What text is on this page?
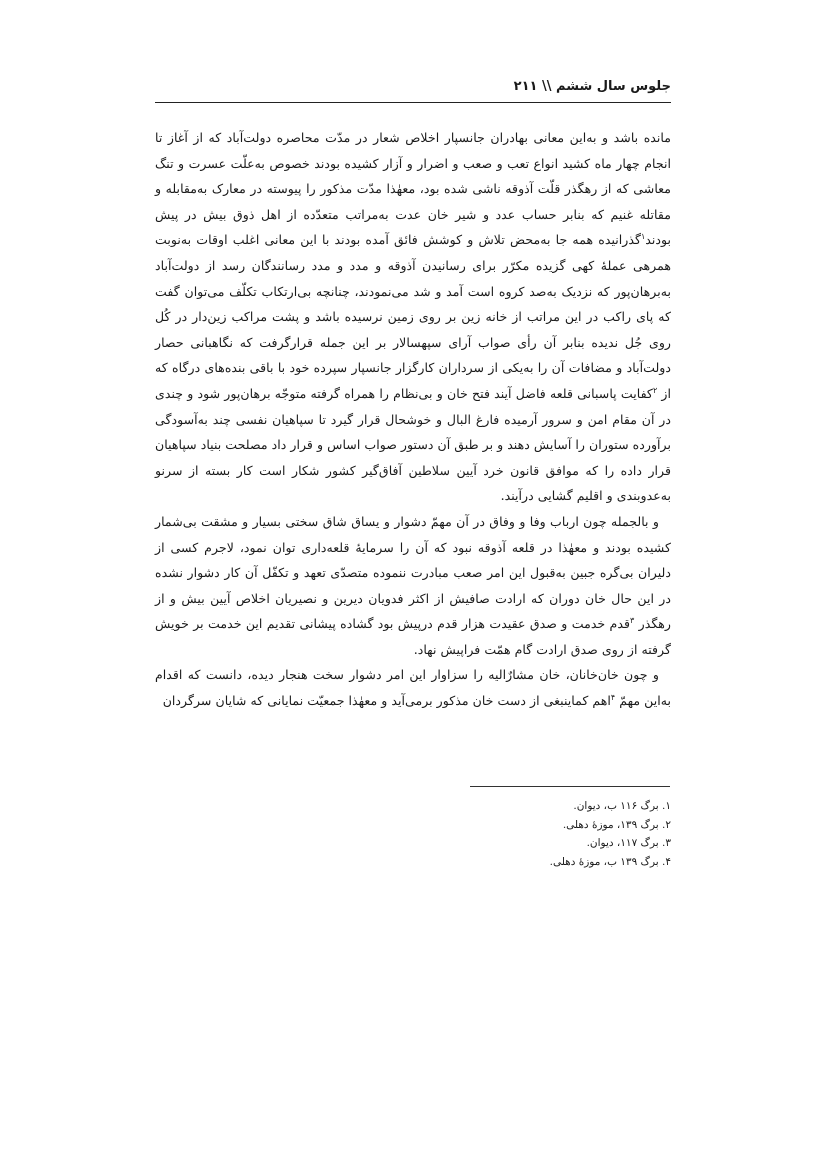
جلوس سال ششم \\ ۲۱۱

مانده باشد و به‌این معانی بهادران جانسپار اخلاص شعار در مدّت محاصره دولت‌آباد که از آغاز تا انجام چهار ماه کشید انواع تعب و صعب و اضرار و آزار کشیده بودند خصوص به‌علّت عسرت و تنگ معاشی که از رهگذر قلّت آذوقه ناشی شده بود، معهٰذا مدّت مذکور را پیوسته در معارک به‌مقابله و مقاتله غنیم که بنابر حساب عدد و شیر خان عدت به‌مراتب متعدّده از اهل ذوق بیش در پیش بودند$^۱$گذرانیده همه جا به‌محض تلاش و کوشش فائق آمده بودند با این معانی اغلب اوقات به‌نوبت همرهی عملهٔ کهی گزیده مکرّر برای رسانیدن آذوقه و مدد و مدد رسانندگان رسد از دولت‌آباد به‌برهان‌پور که نزدیک به‌صد کروه است آمد و شد می‌نمودند، چنانچه بی‌ارتکاب تکلّف می‌توان گفت که پای راکب در این مراتب از خانه زین بر روی زمین نرسیده باشد و پشت مراکب زین‌دار در کُل روی جُل ندیده بنابر آن رأی صواب آرای سپهسالار بر این جمله قرارگرفت که نگاهبانی حصار دولت‌آباد و مضافات آن را به‌یکی از سرداران کارگزار جانسپار سپرده خود با باقی بنده‌های درگاه که از $^۲$کفایت پاسبانی قلعه فاضل آیند فتح خان و بی‌نظام را همراه گرفته متوجّه برهان‌پور شود و چندی در آن مقام امن و سرور آرمیده فارغ البال و خوشحال قرار گیرد تا سپاهیان نفسی چند به‌آسودگی برآورده ستوران را آسایش دهند و بر طبق آن دستور صواب اساس و قرار داد مصلحت بنیاد سپاهیان قرار داده را که موافق قانون خرد آیین سلاطین آفاق‌گیر کشور شکار است کار بسته از سرنو به‌عدوبندی و اقلیم گشایی درآیند.

و بالجمله چون ارباب وفا و وفاق در آن مهمّ دشوار و یساق شاق سختی بسیار و مشقت بی‌شمار کشیده بودند و معهٰذا در قلعه آذوقه نبود که آن را سرمایهٔ قلعه‌داری توان نمود، لاجرم کسی از دلیران بی‌گره جبین به‌قبول این امر صعب مبادرت ننموده متصدّی تعهد و تکفّل آن کار دشوار نشده در این حال خان دوران که ارادت صافیش از اکثر فدویان دیرین و نصیریان اخلاص آیین بیش و از رهگذر $^۳$قدم خدمت و صدق عقیدت هزار قدم درپیش بود گشاده پیشانی تقدیم این خدمت بر خویش گرفته از روی صدق ارادت گام همّت فراپیش نهاد.

و چون خان‌خانان، خان مشارٌالیه را سزاوار این امر دشوار سخت هنجار دیده، دانست که اقدام به‌این مهمّ $^۴$اهم کماینبغی از دست خان مذکور برمی‌آید و معهٰذا جمعیّت نمایانی که شایان سرگردان

۱. برگ ۱۱۶ ب، دیوان.
۲. برگ ۱۳۹، موزهٔ دهلی.
۳. برگ ۱۱۷، دیوان.
۴. برگ ۱۳۹ ب، موزهٔ دهلی.
